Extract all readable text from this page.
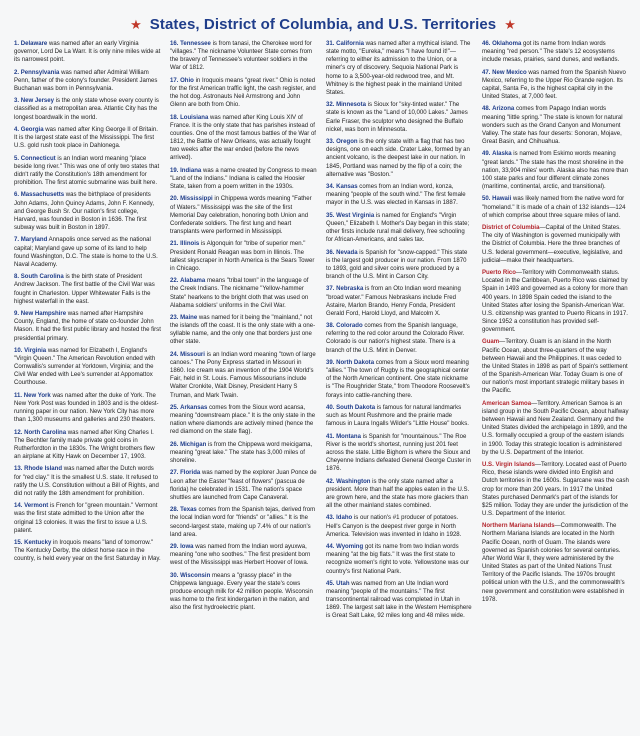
★ States, District of Columbia, and U.S. Territories ★

1. Delaware was named after an early Virginia governor, Lord De La Warr. It is only nine miles wide at its narrowest point.

2. Pennsylvania was named after Admiral William Penn, father of the colony's founder. President James Buchanan was born in Pennsylvania.

3. New Jersey is the only state whose every county is classified as a metropolitan area. Atlantic City has the longest boardwalk in the world.

4. Georgia was named after King George II of Britain. It is the largest state east of the Mississippi. The first U.S. gold rush took place in Dahlonega.

5. Connecticut is an Indian word meaning "place beside long river." This was one of only two states that didn't ratify the Constitution's 18th amendment for prohibition. The first atomic submarine was built here.

6. Massachusetts was the birthplace of presidents John Adams, John Quincy Adams, John F. Kennedy, and George Bush Sr. Our nation's first college, Harvard, was founded in Boston in 1636. The first subway was built in Boston in 1897.

7. Maryland Annapolis once served as the national capital; Maryland gave up some of its land to help found Washington, D.C. The state is home to the U.S. Naval Academy.

8. South Carolina is the birth state of President Andrew Jackson. The first battle of the Civil War was fought in Charleston. Upper Whitewater Falls is the highest waterfall in the east.

9. New Hampshire was named after Hampshire County, England, the home of state co-founder John Mason. It had the first public library and hosted the first presidential primary.

10. Virginia was named for Elizabeth I, England's "Virgin Queen." The American Revolution ended with Cornwallis's surrender at Yorktown, Virginia; and the Civil War ended with Lee's surrender at Appomattox Courthouse.

11. New York was named after the duke of York. The New York Post was founded in 1803 and is the oldest-running paper in our nation. New York City has more than 1,300 museums and galleries and 230 theaters.

12. North Carolina was named after King Charles I. The Bechtler family made private gold coins in Rutherfordton in the 1830s. The Wright brothers flew an airplane at Kitty Hawk on December 17, 1903.

13. Rhode Island was named after the Dutch words for "red clay." It is the smallest U.S. state. It refused to ratify the U.S. Constitution without a Bill of Rights, and did not ratify the 18th amendment for prohibition.

14. Vermont is French for "green mountain." Vermont was the first state admitted to the Union after the original 13 colonies. It was the first to issue a U.S. patent.

15. Kentucky in Iroquois means "land of tomorrow." The Kentucky Derby, the oldest horse race in the country, is held every year on the first Saturday in May.

16. Tennessee is from tanasi, the Cherokee word for "villages." The nickname Volunteer State comes from the bravery of Tennessee's volunteer soldiers in the War of 1812.

17. Ohio in Iroquois means "great river." Ohio is noted for the first American traffic light, the cash register, and the hot dog. Astronauts Neil Armstrong and John Glenn are both from Ohio.

18. Louisiana was named after King Louis XIV of France. It is the only state that has parishes instead of counties. One of the most famous battles of the War of 1812, the Battle of New Orleans, was actually fought two weeks after the war ended (before the news arrived).

19. Indiana was a name created by Congress to mean "Land of the Indians." Indiana is called the Hoosier State, taken from a poem written in the 1930s.

20. Mississippi in Chippewa words meaning "Father of Waters." Mississippi was the site of the first Memorial Day celebration, honoring both Union and Confederate soldiers. The first lung and heart transplants were performed in Mississippi.

21. Illinois is Algonquin for "tribe of superior men." President Ronald Reagan was born in Illinois. The tallest skyscraper in North America is the Sears Tower in Chicago.

22. Alabama means "tribal town" in the language of the Creek Indians. The nickname "Yellow-hammer State" hearkens to the bright cloth that was used on Alabama soldiers' uniforms in the Civil War.

23. Maine was named for it being the "mainland," not the islands off the coast. It is the only state with a one-syllable name, and the only one that borders just one other state.

24. Missouri is an Indian word meaning "town of large canoes." The Pony Express started in Missouri in 1860. Ice cream was an invention of the 1904 World's Fair, held in St. Louis. Famous Missourians include Walter Cronkite, Walt Disney, President Harry S Truman, and Mark Twain.

25. Arkansas comes from the Sioux word acansa, meaning "downstream place." It is the only state in the nation where diamonds are actively mined (hence the red diamond on the state flag).

26. Michigan is from the Chippewa word meicigama, meaning "great lake." The state has 3,000 miles of shoreline.

27. Florida was named by the explorer Juan Ponce de Leon after the Easter "feast of flowers" (pascua de florida) he celebrated in 1531. The nation's space shuttles are launched from Cape Canaveral.

28. Texas comes from the Spanish tejas, derived from the local Indian word for "friends" or "allies." It is the second-largest state, making up 7.4% of our nation's land area.

29. Iowa was named from the Indian word ayuxwa, meaning "one who soothes." The first president born west of the Mississippi was Herbert Hoover of Iowa.

30. Wisconsin means a "grassy place" in the Chippewa language. Every year the state's cows produce enough milk for 42 million people. Wisconsin was home to the first kindergarten in the nation, and also the first hydroelectric plant.

31. California was named after a mythical island. The state motto, "Eureka," means "I have found it!"—referring to either its admission to the Union, or a miner's cry of discovery. Sequoia National Park is home to a 3,500-year-old redwood tree, and Mt. Whitney is the highest peak in the mainland United States.

32. Minnesota is Sioux for "sky-tinted water." The state is known as the "Land of 10,000 Lakes." James Earle Fraser, the sculptor who designed the Buffalo nickel, was born in Minnesota.

33. Oregon is the only state with a flag that has two designs, one on each side. Crater Lake, formed by an ancient volcano, is the deepest lake in our nation. In 1845, Portland was named by the flip of a coin; the alternative was "Boston."

34. Kansas comes from an Indian word, konza, meaning "people of the south wind." The first female mayor in the U.S. was elected in Kansas in 1887.

35. West Virginia is named for England's "Virgin Queen," Elizabeth I. Mother's Day began in this state; other firsts include rural mail delivery, free schooling for African-Americans, and sales tax.

36. Nevada is Spanish for "snow-capped." This state is the largest gold producer in our nation. From 1870 to 1893, gold and silver coins were produced by a branch of the U.S. Mint in Carson City.

37. Nebraska is from an Oto Indian word meaning "broad water." Famous Nebraskans include Fred Astaire, Marlon Brando, Henry Fonda, President Gerald Ford, Harold Lloyd, and Malcolm X.

38. Colorado comes from the Spanish language, referring to the red color around the Colorado River. Colorado is our nation's highest state. There is a branch of the U.S. Mint in Denver.

39. North Dakota comes from a Sioux word meaning "allies." The town of Rugby is the geographical center of the North American continent. One state nickname is "The Roughrider State," from Theodore Roosevelt's forays into cattle-ranching there.

40. South Dakota is famous for natural landmarks such as Mount Rushmore and the prairie made famous in Laura Ingalls Wilder's "Little House" books.

41. Montana is Spanish for "mountainous." The Roe River is the world's shortest, running just 201 feet across the state. Little Bighorn is where the Sioux and Cheyenne Indians defeated General George Custer in 1876.

42. Washington is the only state named after a president. More than half the apples eaten in the U.S. are grown here, and the state has more glaciers than all the other mainland states combined.

43. Idaho is our nation's #1 producer of potatoes. Hell's Canyon is the deepest river gorge in North America. Television was invented in Idaho in 1928.

44. Wyoming got its name from two Indian words meaning "at the big flats." It was the first state to recognize women's right to vote. Yellowstone was our country's first National Park.

45. Utah was named from an Ute Indian word meaning "people of the mountains." The first transcontinental railroad was completed in Utah in 1869. The largest salt lake in the Western Hemisphere is Great Salt Lake, 92 miles long and 48 miles wide.

46. Oklahoma got its name from Indian words meaning "red person." The state's 12 ecosystems include mesas, prairies, sand dunes, and wetlands.

47. New Mexico was named from the Spanish Nuevo Mexico, referring to the Upper Rio Grande region. Its capital, Santa Fe, is the highest capital city in the United States, at 7,000 feet.

48. Arizona comes from Papago Indian words meaning "little spring." The state is known for natural wonders such as the Grand Canyon and Monument Valley. The state has four deserts: Sonoran, Mojave, Great Basin, and Chihuahua.

49. Alaska is named from Eskimo words meaning "great lands." The state has the most shoreline in the nation, 33,904 miles' worth. Alaska also has more than 100 state parks and four different climate zones (maritime, continental, arctic, and transitional).

50. Hawaii was likely named from the native word for "homeland." It is made of a chain of 132 islands—124 of which comprise about three square miles of land.

District of Columbia—Capital of the United States. The city of Washington is governed municipally with the District of Columbia. Here the three branches of U.S. federal government—executive, legislative, and judicial—make their headquarters.

Puerto Rico—Territory with Commonwealth status. Located in the Caribbean, Puerto Rico was claimed by Spain in 1493 and governed as a colony for more than 400 years. In 1898 Spain ceded the island to the United States after losing the Spanish-American War. U.S. citizenship was granted to Puerto Ricans in 1917. Since 1952 a constitution has provided self-government.

Guam—Territory. Guam is an island in the North Pacific Ocean, about three-quarters of the way between Hawaii and the Philippines. It was ceded to the United States in 1898 as part of Spain's settlement of the Spanish-American War. Today Guam is one of our nation's most important strategic military bases in the Pacific.

American Samoa—Territory. American Samoa is an island group in the South Pacific Ocean, about halfway between Hawaii and New Zealand. Germany and the United States divided the archipelago in 1899, and the U.S. formally occupied a group of the eastern islands in 1900. Today this strategic location is administered by the U.S. Department of the Interior.

U.S. Virgin Islands—Territory. Located east of Puerto Rico, these islands were divided into English and Dutch territories in the 1600s. Sugarcane was the cash crop for more than 200 years. In 1917 the United States purchased Denmark's part of the islands for $25 million. Today they are under the jurisdiction of the U.S. Department of the Interior.

Northern Mariana Islands—Commonwealth. The Northern Mariana Islands are located in the North Pacific Ocean, north of Guam. The islands were governed as Spanish colonies for several centuries. After World War II, they were administered by the United States as part of the United Nations Trust Territory of the Pacific Islands. The 1970s brought political union with the U.S., and the commonwealth's new government and constitution were established in 1978.
